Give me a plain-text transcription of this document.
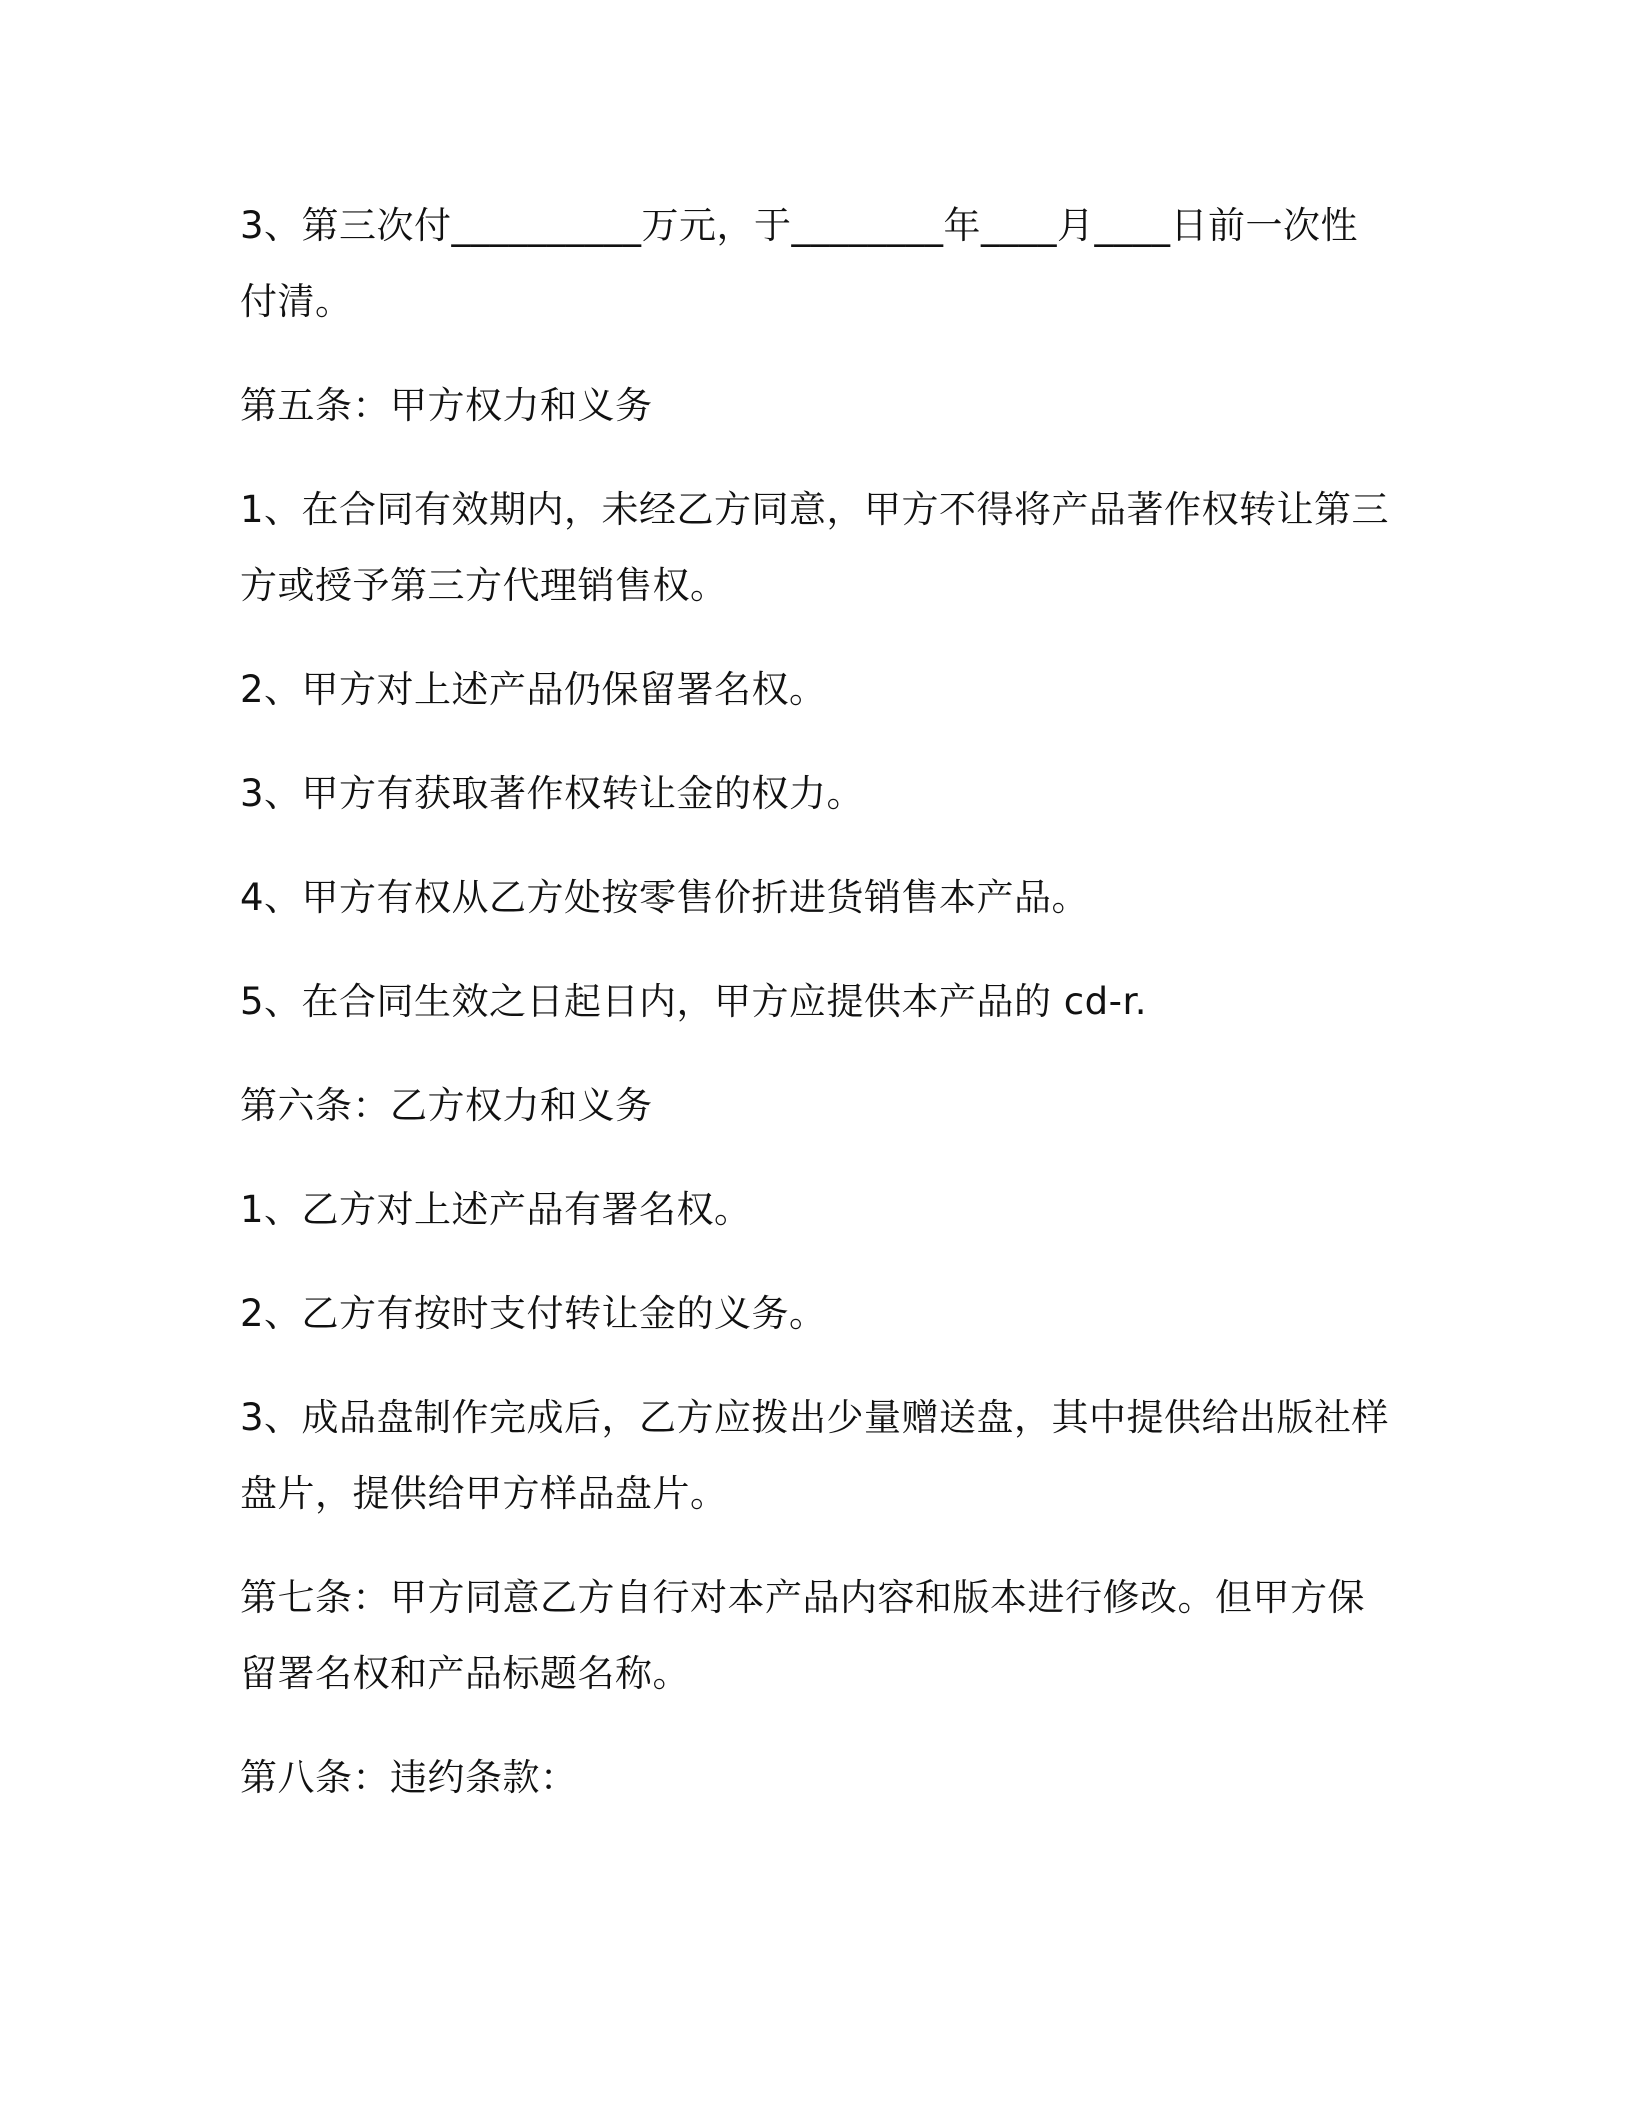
3、第三次付__________万元，于________年____月____日前一次性付清。

第五条：甲方权力和义务

1、在合同有效期内，未经乙方同意，甲方不得将产品著作权转让第三方或授予第三方代理销售权。

2、甲方对上述产品仍保留署名权。

3、甲方有获取著作权转让金的权力。

4、甲方有权从乙方处按零售价折进货销售本产品。

5、在合同生效之日起日内，甲方应提供本产品的 cd-r.

第六条：乙方权力和义务

1、乙方对上述产品有署名权。

2、乙方有按时支付转让金的义务。

3、成品盘制作完成后，乙方应拨出少量赠送盘，其中提供给出版社样盘片，提供给甲方样品盘片。

第七条：甲方同意乙方自行对本产品内容和版本进行修改。但甲方保留署名权和产品标题名称。

第八条：违约条款：
